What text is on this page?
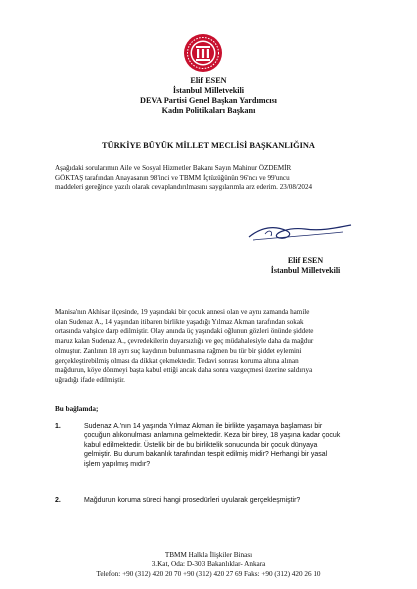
Elif ESEN
İstanbul Milletvekili
DEVA Partisi Genel Başkan Yardımcısı
Kadın Politikaları Başkanı
TÜRKİYE BÜYÜK MİLLET MECLİSİ BAŞKANLIĞINA
Aşağıdaki sorularımın Aile ve Sosyal Hizmetler Bakanı Sayın Mahinur ÖZDEMİR
GÖKTAŞ tarafından Anayasanın 98'inci ve TBMM İçtüzüğünün 96'ncı ve 99'uncu
maddeleri gereğince yazılı olarak cevaplandırılmasını saygılarımla arz ederim. 23/08/2024
Elif ESEN
İstanbul Milletvekili
Manisa'nın Akhisar ilçesinde, 19 yaşındaki bir çocuk annesi olan ve aynı zamanda hamile
olan Sudenaz A., 14 yaşından itibaren birlikte yaşadığı Yılmaz Akman tarafından sokak
ortasında vahşice darp edilmiştir. Olay anında üç yaşındaki oğlunun gözleri önünde şiddete
maruz kalan Sudenaz A., çevredekilerin duyarsızlığı ve geç müdahalesiyle daha da mağdur
olmuştur. Zanlının 18 ayrı suç kaydının bulunmasına rağmen bu tür bir şiddet eylemini
gerçekleştirebilmiş olması da dikkat çekmektedir. Tedavi sonrası koruma altına alınan
mağdurun, köye dönmeyi başta kabul ettiği ancak daha sonra vazgeçmesi üzerine saldırıya
uğradığı ifade edilmiştir.
Bu bağlamda;
1.	Sudenaz A.'nın 14 yaşında Yılmaz Akman ile birlikte yaşamaya başlaması bir
çocuğun alıkonulması anlamına gelmektedir. Keza bir birey, 18 yaşına kadar çocuk
kabul edilmektedir. Üstelik bir de bu birliktelik sonucunda bir çocuk dünyaya
gelmiştir. Bu durum bakanlık tarafından tespit edilmiş midir? Herhangi bir yasal
işlem yapılmış mıdır?
2.	Mağdurun koruma süreci hangi prosedürleri uyularak gerçekleşmiştir?
TBMM Halkla İlişkiler Binası
3.Kat, Oda: D-303 Bakanlıklar- Ankara
Telefon: +90 (312) 420 20 70 +90 (312) 420 27 69 Faks: +90 (312) 420 26 10
